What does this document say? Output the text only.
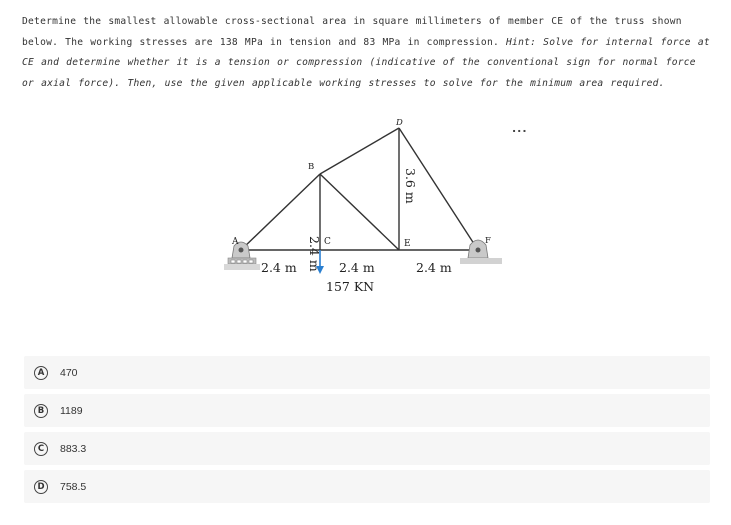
Determine the smallest allowable cross-sectional area in square millimeters of member CE of the truss shown below. The working stresses are 138 MPa in tension and 83 MPa in compression. Hint: Solve for internal force at CE and determine whether it is a tension or compression (indicative of the conventional sign for normal force or axial force). Then, use the given applicable working stresses to solve for the minimum area required.
...
A
B
C
D
E	F
2.4 m	2.4 m	2.4 m
2.4 m
3.6 m
157 KN
A	470
B	1189
C	883.3
D	758.5
